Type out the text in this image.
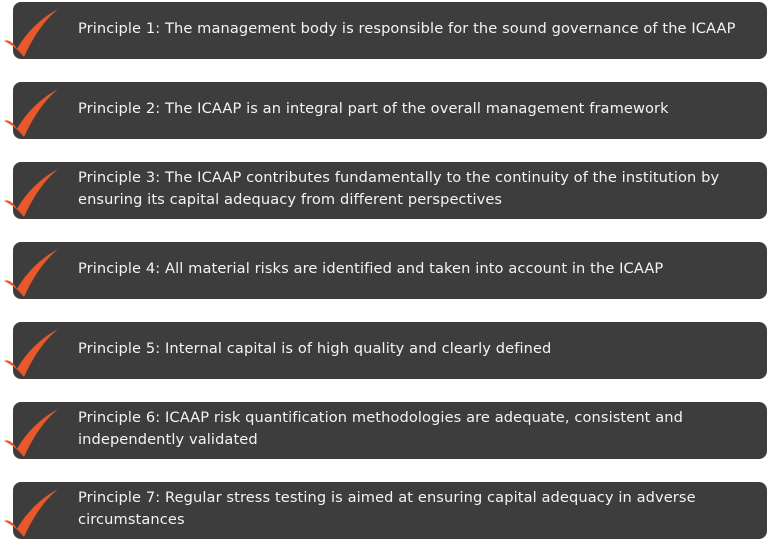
Principle 1: The management body is responsible for the sound governance of the ICAAP
Principle 2: The ICAAP is an integral part of the overall management framework
Principle 3: The ICAAP contributes fundamentally to the continuity of the institution by ensuring its capital adequacy from different perspectives
Principle 4: All material risks are identified and taken into account in the ICAAP
Principle 5: Internal capital is of high quality and clearly defined
Principle 6: ICAAP risk quantification methodologies are adequate, consistent and independently validated
Principle 7: Regular stress testing is aimed at ensuring capital adequacy in adverse circumstances
